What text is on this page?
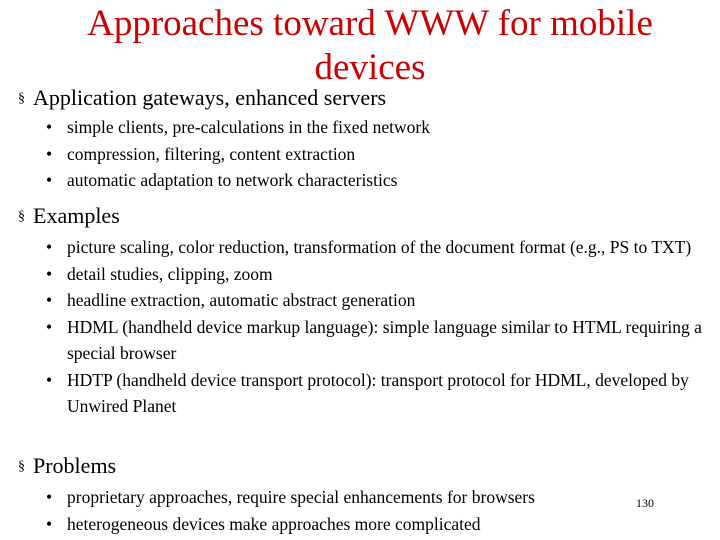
Approaches toward WWW for mobile devices
§ Application gateways, enhanced servers
• simple clients, pre-calculations in the fixed network
• compression, filtering, content extraction
• automatic adaptation to network characteristics
§ Examples
• picture scaling, color reduction, transformation of the document format (e.g., PS to TXT)
• detail studies, clipping, zoom
• headline extraction, automatic abstract generation
• HDML (handheld device markup language): simple language similar to HTML requiring a special browser
• HDTP (handheld device transport protocol): transport protocol for HDML, developed by Unwired Planet
§ Problems
• proprietary approaches, require special enhancements for browsers
• heterogeneous devices make approaches more complicated
130
